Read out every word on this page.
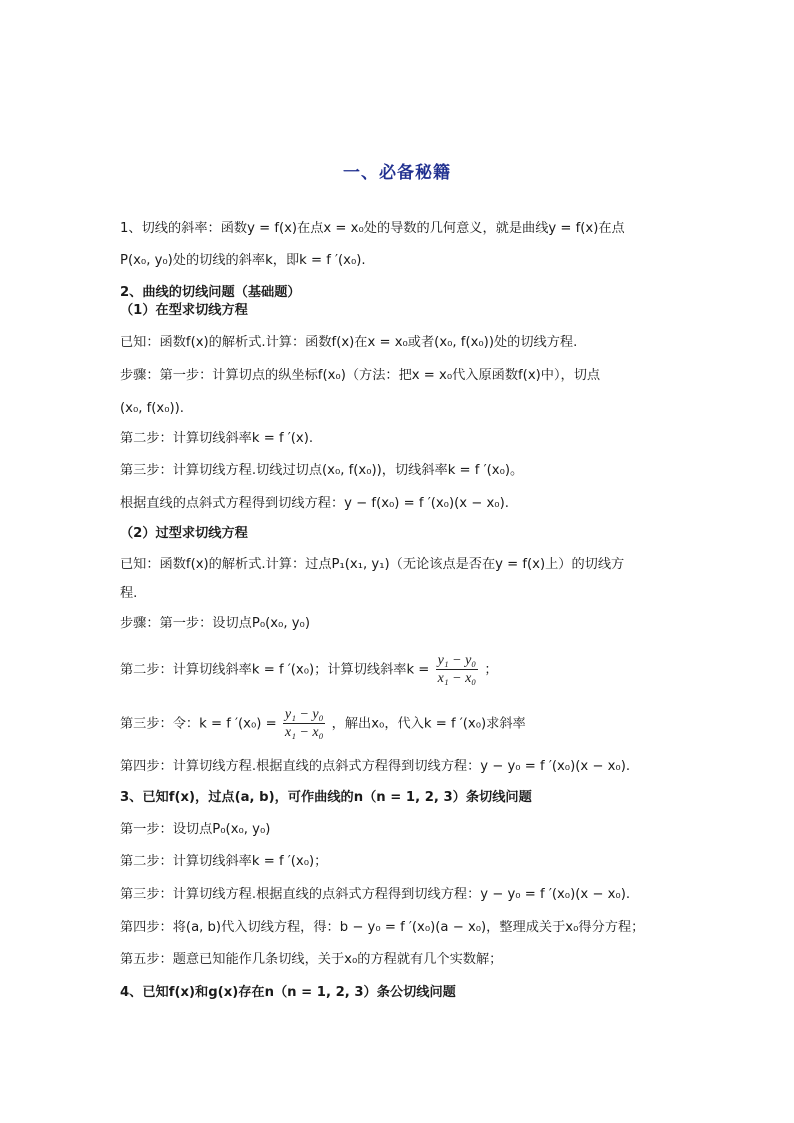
一、必备秘籍
1、切线的斜率：函数y = f(x)在点x = x₀处的导数的几何意义，就是曲线y = f(x)在点
P(x₀, y₀)处的切线的斜率k，即k = f ′(x₀).
2、曲线的切线问题（基础题）
（1）在型求切线方程
已知：函数f(x)的解析式.计算：函数f(x)在x = x₀或者(x₀, f(x₀))处的切线方程.
步骤：第一步：计算切点的纵坐标f(x₀)（方法：把x = x₀代入原函数f(x)中），切点
(x₀, f(x₀)).
第二步：计算切线斜率k = f ′(x).
第三步：计算切线方程.切线过切点(x₀, f(x₀))，切线斜率k = f ′(x₀)。
根据直线的点斜式方程得到切线方程：y − f(x₀) = f ′(x₀)(x − x₀).
（2）过型求切线方程
已知：函数f(x)的解析式.计算：过点P₁(x₁, y₁)（无论该点是否在y = f(x)上）的切线方
程.
步骤：第一步：设切点P₀(x₀, y₀)
第二步：计算切线斜率k = f ′(x₀)；计算切线斜率$k = \frac{\text{y₁ − y₀}}{\text{x₁ − x₀}}$ ；
第三步：令：k = f $'(x_0) = \frac{\text{y₁ − y₀}}{\text{x₁ − x₀}}$ ，解出x₀，代入k = f ′(x₀)求斜率
第四步：计算切线方程.根据直线的点斜式方程得到切线方程：y − y₀ = f ′(x₀)(x − x₀).
3、已知f(x)，过点(a, b)，可作曲线的n（n = 1, 2, 3）条切线问题
第一步：设切点P₀(x₀, y₀)
第二步：计算切线斜率k = f ′(x₀)；
第三步：计算切线方程.根据直线的点斜式方程得到切线方程：y − y₀ = f ′(x₀)(x − x₀).
第四步：将(a, b)代入切线方程，得：b − y₀ = f ′(x₀)(a − x₀)，整理成关于x₀得分方程；
第五步：题意已知能作几条切线，关于x₀的方程就有几个实数解；
4、已知f(x)和g(x)存在n（n = 1, 2, 3）条公切线问题
